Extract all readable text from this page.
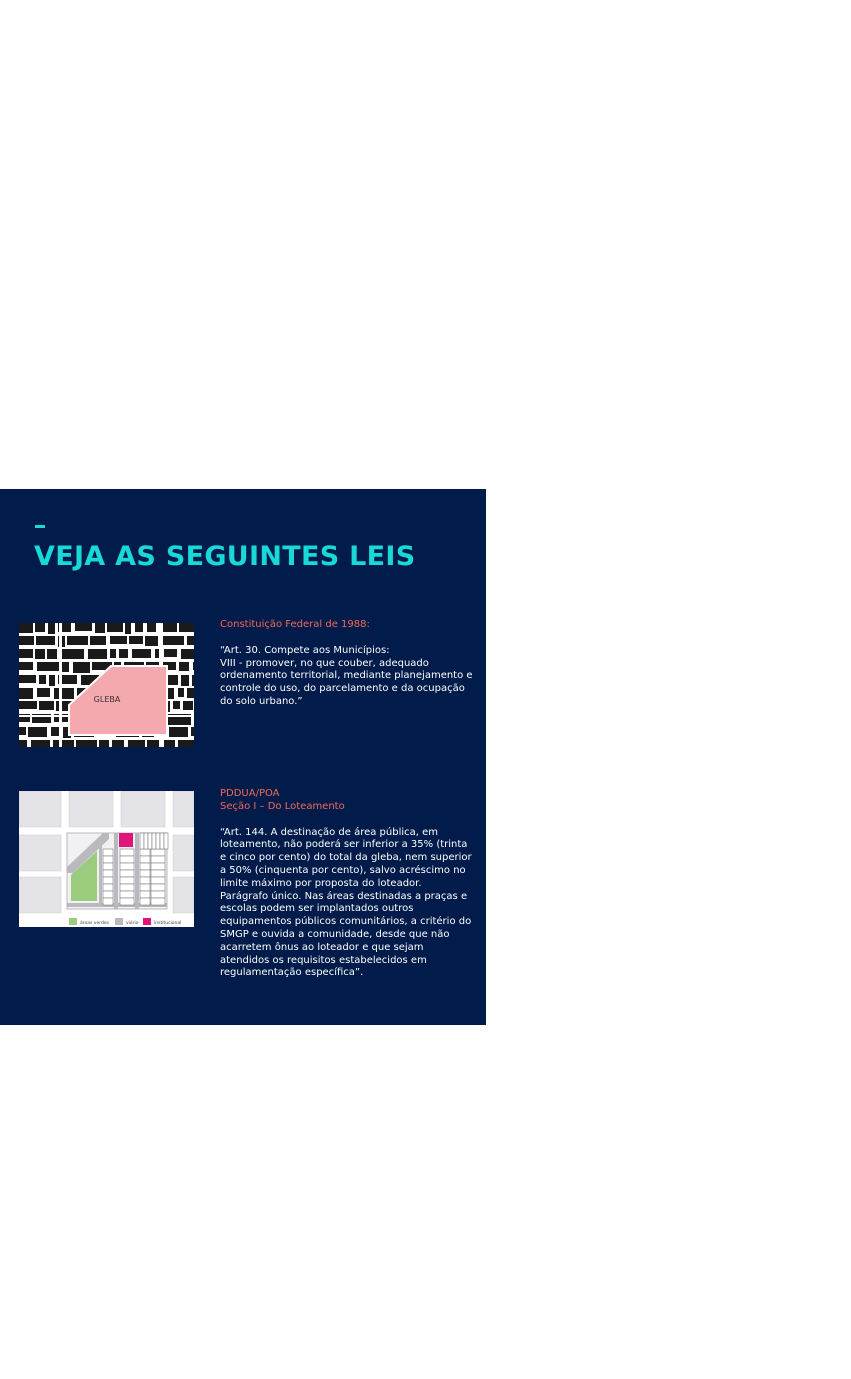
VEJA AS SEGUINTES LEIS
GLEBA
Constituição Federal de 1988:

“Art. 30. Compete aos Municípios:

VIII - promover, no que couber, adequado ordenamento territorial, mediante planejamento e controle do uso, do parcelamento e da ocupação do solo urbano.”

áreas verdes	viário	institucional
PDDUA/POA
Seção I – Do Loteamento

“Art. 144. A destinação de área pública, em loteamento, não poderá ser inferior a 35% (trinta e cinco por cento) do total da gleba, nem superior a 50% (cinquenta por cento), salvo acréscimo no limite máximo por proposta do loteador.

Parágrafo único. Nas áreas destinadas a praças e escolas podem ser implantados outros equipamentos públicos comunitários, a critério do SMGP e ouvida a comunidade, desde que não acarretem ônus ao loteador e que sejam atendidos os requisitos estabelecidos em regulamentação específica”.
